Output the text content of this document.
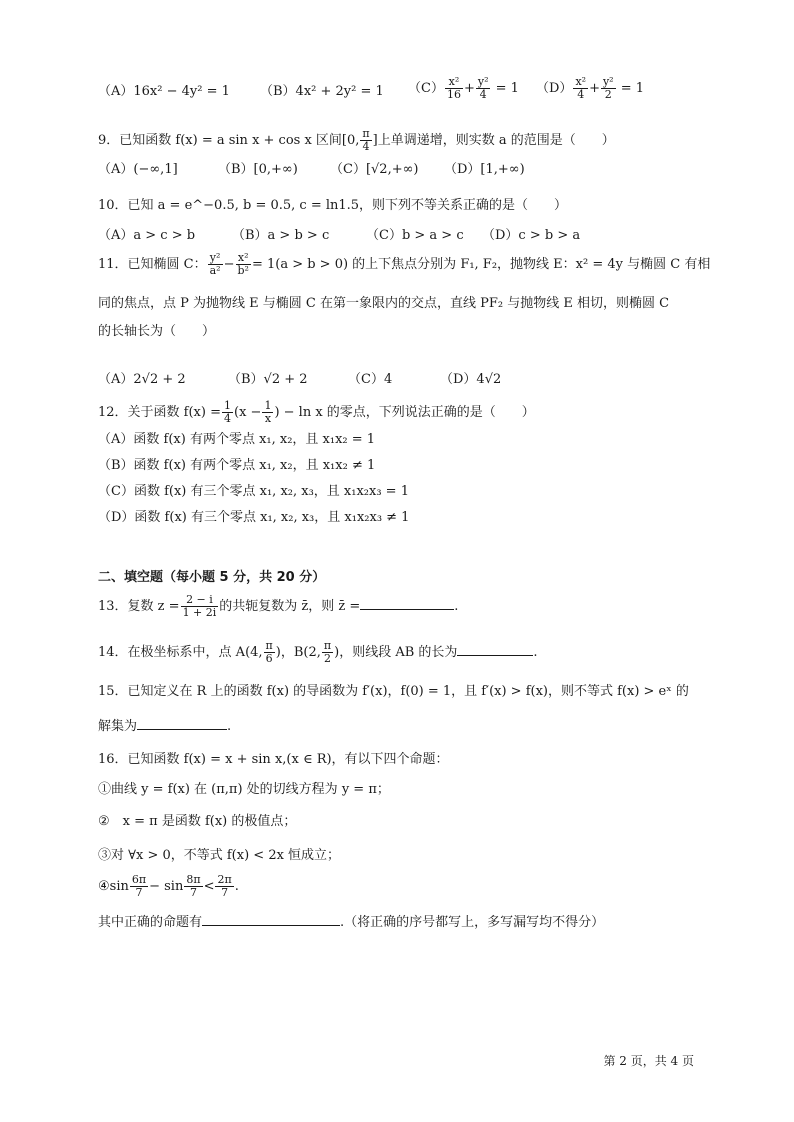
（A）16x² − 4y² = 1 （B）4x² + 2y² = 1 $(C) \frac{\text{x²}}{16} + \frac{\text{y²}}{4} = 1$ $(D) \frac{\text{x²}}{4} + \frac{\text{y²}}{2} = 1$
9．已知函数 f(x) = a sin x + cos x 区间[0, $\frac{\pi}{4}$ ]上单调递增，则实数 a 的范围是（　　）
（A）(−∞,1]	（B）[0,+∞) （C）[√2,+∞) （D）[1,+∞)
10．已知 a = e^−0.5, b = 0.5, c = ln1.5，则下列不等关系正确的是（　　）
（A）a > c > b	（B）a > b > c	（C）b > a > c （D）c > b > a
11．已知椭圆 C： $\frac{\text{y²}}{\text{a²}} - \frac{\text{x²}}{\text{b²}} = 1(a > b > 0)$ 的上下焦点分别为 F₁, F₂，抛物线 E：x² = 4y 与椭圆 C 有相
同的焦点，点 P 为抛物线 E 与椭圆 C 在第一象限内的交点，直线 PF₂ 与抛物线 E 相切，则椭圆 C
的长轴长为（　　）
（A）2√2 + 2	（B）√2 + 2	（C）4	（D）4√2
12．关于函数 $f(x) = \frac{1}{4} (x - \frac{1}{x}$ ) − ln x 的零点，下列说法正确的是（　　）
（A）函数 f(x) 有两个零点 x₁, x₂，且 x₁x₂ = 1
（B）函数 f(x) 有两个零点 x₁, x₂，且 x₁x₂ ≠ 1
（C）函数 f(x) 有三个零点 x₁, x₂, x₃，且 x₁x₂x₃ = 1
（D）函数 f(x) 有三个零点 x₁, x₂, x₃，且 x₁x₂x₃ ≠ 1
二、填空题（每小题 5 分，共 20 分）
13．复数 $z = \frac{2 - i}{1 + 2i}$ 的共轭复数为 z̄，则 z̄ =	.
14．在极坐标系中，点 A(4, $\frac{\pi}{6}$ )，B(2, $\frac{\pi}{2}$ )，则线段 AB 的长为	.
15．已知定义在 R 上的函数 f(x) 的导函数为 f′(x)，f(0) = 1，且 f′(x) > f(x)，则不等式 f(x) > eˣ 的
解集为	.
16．已知函数 f(x) = x + sin x,(x ∈ R)，有以下四个命题：
①曲线 y = f(x) 在 (π,π) 处的切线方程为 y = π；
②　x = π 是函数 f(x) 的极值点；
③对 ∀x > 0，不等式 f(x) < 2x 恒成立；
④sin $\frac{6\pi}{7} - \sin \frac{8\pi}{7} < \frac{2\pi}{7}$ .
其中正确的命题有	.（将正确的序号都写上，多写漏写均不得分）
第 2 页，共 4 页
